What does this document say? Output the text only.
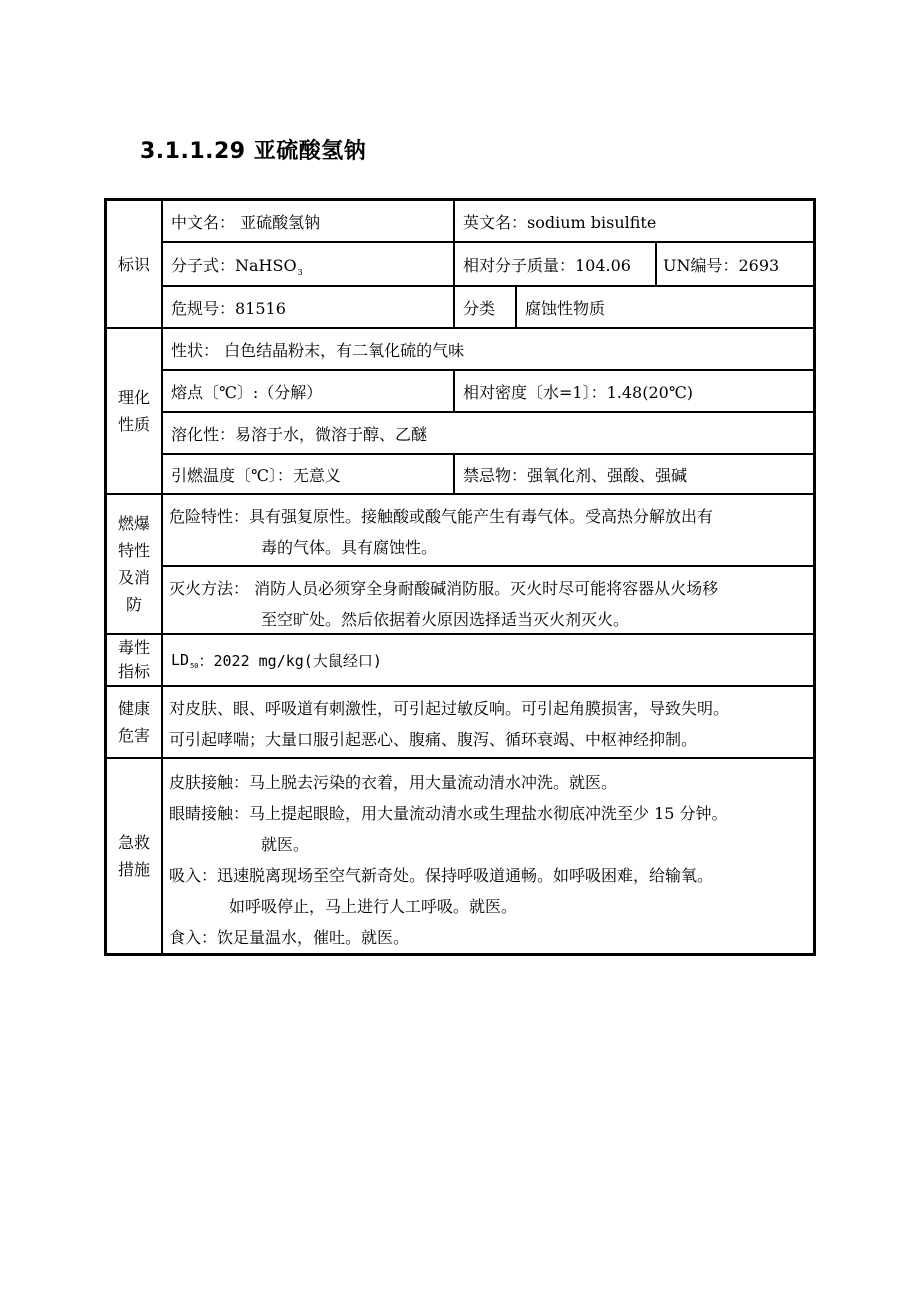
3.1.1.29 亚硫酸氢钠
标识
中文名： 亚硫酸氢钠	英文名：sodium bisulfite
分子式：NaHSO 3	相对分子质量：104.06 UN编号：2693
危规号：81516	分类 腐蚀性物质
理化性质
性状： 白色结晶粉末，有二氧化硫的气味
熔点〔℃〕:（分解）	相对密度〔水=1〕：1.48(20℃)
溶化性：易溶于水，微溶于醇、乙醚
引燃温度〔℃〕：无意义	禁忌物：强氧化剂、强酸、强碱
燃爆特性及消防
危险特性：具有强复原性。接触酸或酸气能产生有毒气体。受高热分解放出有
毒的气体。具有腐蚀性。
灭火方法： 消防人员必须穿全身耐酸碱消防服。灭火时尽可能将容器从火场移
至空旷处。然后依据着火原因选择适当灭火剂灭火。
毒性指标
LD 50 ：2022 mg/kg(大鼠经口)
健康危害
对皮肤、眼、呼吸道有刺激性，可引起过敏反响。可引起角膜损害，导致失明。
可引起哮喘；大量口服引起恶心、腹痛、腹泻、循环衰竭、中枢神经抑制。
急救措施
皮肤接触：马上脱去污染的衣着，用大量流动清水冲洗。就医。
眼睛接触：马上提起眼睑，用大量流动清水或生理盐水彻底冲洗至少 15 分钟。
就医。
吸入：迅速脱离现场至空气新奇处。保持呼吸道通畅。如呼吸困难，给输氧。
如呼吸停止，马上进行人工呼吸。就医。
食入：饮足量温水，催吐。就医。
